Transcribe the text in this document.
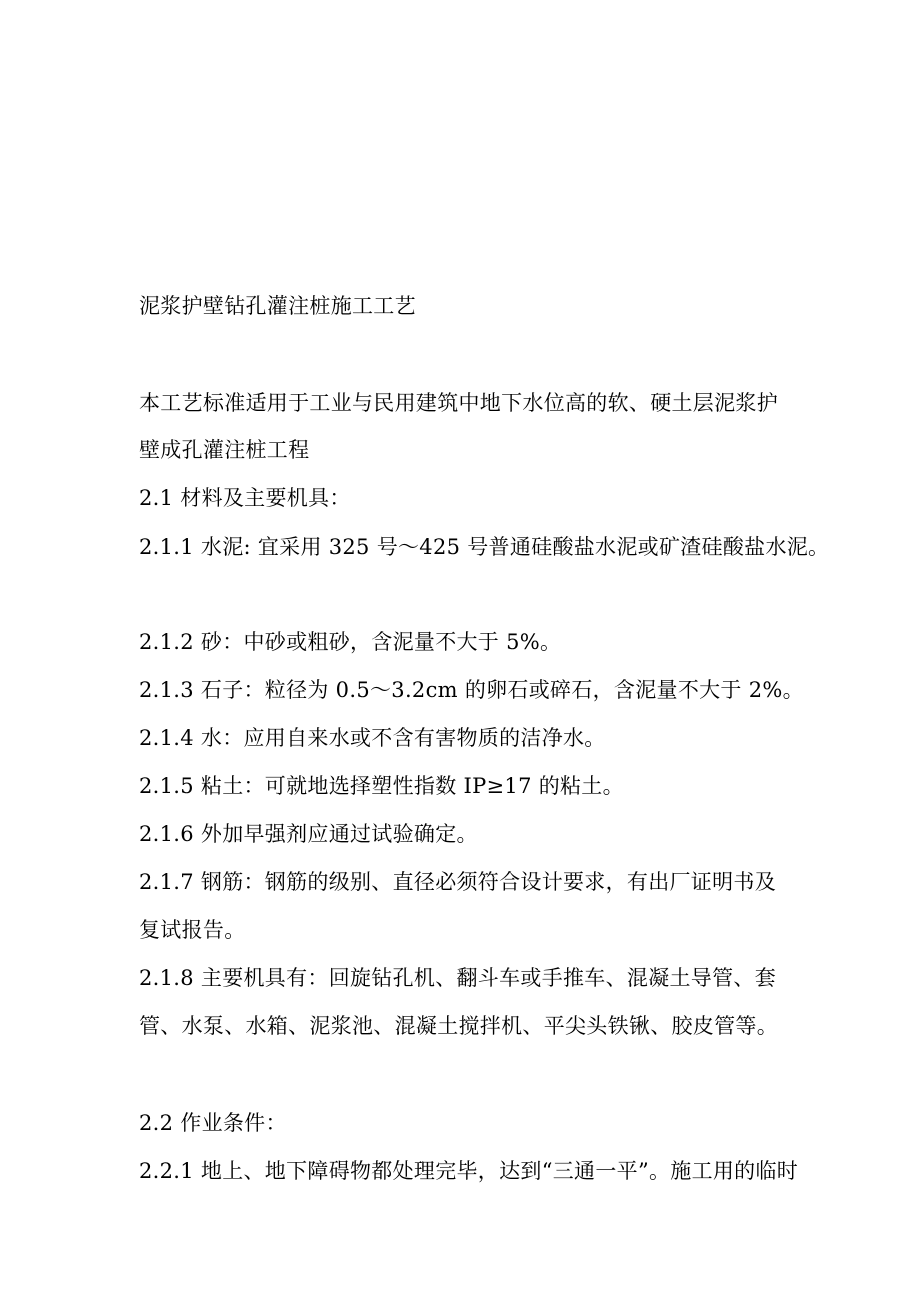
泥浆护壁钻孔灌注桩施工工艺
本工艺标准适用于工业与民用建筑中地下水位高的软、硬土层泥浆护
壁成孔灌注桩工程
2.1 材料及主要机具：
2.1.1 水泥: 宜采用 325 号～425 号普通硅酸盐水泥或矿渣硅酸盐水泥。
2.1.2 砂：中砂或粗砂，含泥量不大于 5%。
2.1.3 石子：粒径为 0.5～3.2cm 的卵石或碎石，含泥量不大于 2%。
2.1.4 水：应用自来水或不含有害物质的洁净水。
2.1.5 粘土：可就地选择塑性指数 IP≥17 的粘土。
2.1.6 外加早强剂应通过试验确定。
2.1.7 钢筋：钢筋的级别、直径必须符合设计要求，有出厂证明书及
复试报告。
2.1.8 主要机具有：回旋钻孔机、翻斗车或手推车、混凝土导管、套
管、水泵、水箱、泥浆池、混凝土搅拌机、平尖头铁锹、胶皮管等。
2.2 作业条件：
2.2.1 地上、地下障碍物都处理完毕，达到“三通一平”。施工用的临时
